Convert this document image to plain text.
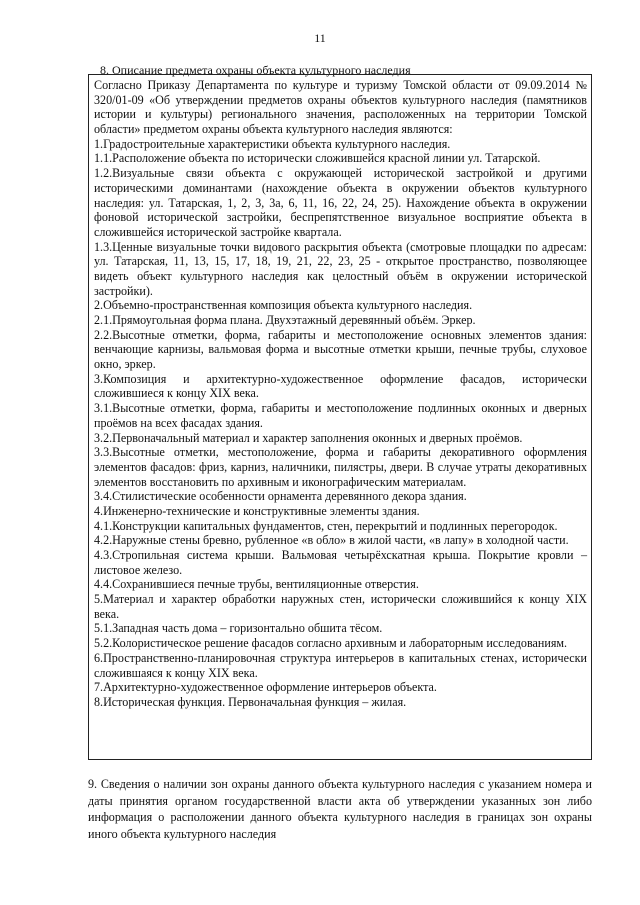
11
8. Описание предмета охраны объекта культурного наследия

Согласно Приказу Департамента по культуре и туризму Томской области от 09.09.2014 № 320/01-09 «Об утверждении предметов охраны объектов культурного наследия (памятников истории и культуры) регионального значения, расположенных на территории Томской области» предметом охраны объекта культурного наследия являются:

1.Градостроительные характеристики объекта культурного наследия.

1.1.Расположение объекта по исторически сложившейся красной линии ул. Татарской.

1.2.Визуальные связи объекта с окружающей исторической застройкой и другими историческими доминантами (нахождение объекта в окружении объектов культурного наследия: ул. Татарская, 1, 2, 3, 3а, 6, 11, 16, 22, 24, 25). Нахождение объекта в окружении фоновой исторической застройки, беспрепятственное визуальное восприятие объекта в сложившейся исторической застройке квартала.

1.3.Ценные визуальные точки видового раскрытия объекта (смотровые площадки по адресам: ул. Татарская, 11, 13, 15, 17, 18, 19, 21, 22, 23, 25 - открытое пространство, позволяющее видеть объект культурного наследия как целостный объём в окружении исторической застройки).

2.Объемно-пространственная композиция объекта культурного наследия.

2.1.Прямоугольная форма плана. Двухэтажный деревянный объём. Эркер.

2.2.Высотные отметки, форма, габариты и местоположение основных элементов здания: венчающие карнизы, вальмовая форма и высотные отметки крыши, печные трубы, слуховое окно, эркер.

3.Композиция и архитектурно-художественное оформление фасадов, исторически сложившиеся к концу XIX века.

3.1.Высотные отметки, форма, габариты и местоположение подлинных оконных и дверных проёмов на всех фасадах здания.

3.2.Первоначальный материал и характер заполнения оконных и дверных проёмов.

3.3.Высотные отметки, местоположение, форма и габариты декоративного оформления элементов фасадов: фриз, карниз, наличники, пилястры, двери. В случае утраты декоративных элементов восстановить по архивным и иконографическим материалам.

3.4.Стилистические особенности орнамента деревянного декора здания.

4.Инженерно-технические и конструктивные элементы здания.

4.1.Конструкции капитальных фундаментов, стен, перекрытий и подлинных перегородок.

4.2.Наружные стены бревно, рубленное «в обло» в жилой части, «в лапу» в холодной части.

4.3.Стропильная система крыши. Вальмовая четырёхскатная крыша. Покрытие кровли – листовое железо.

4.4.Сохранившиеся печные трубы, вентиляционные отверстия.

5.Материал и характер обработки наружных стен, исторически сложившийся к концу XIX века.

5.1.Западная часть дома – горизонтально обшита тёсом.

5.2.Колористическое решение фасадов согласно архивным и лабораторным исследованиям.

6.Пространственно-планировочная структура интерьеров в капитальных стенах, исторически сложившаяся к концу XIX века.

7.Архитектурно-художественное оформление интерьеров объекта.

8.Историческая функция. Первоначальная функция – жилая.

9. Сведения о наличии зон охраны данного объекта культурного наследия с указанием номера и даты принятия органом государственной власти акта об утверждении указанных зон либо информация о расположении данного объекта культурного наследия в границах зон охраны иного объекта культурного наследия
